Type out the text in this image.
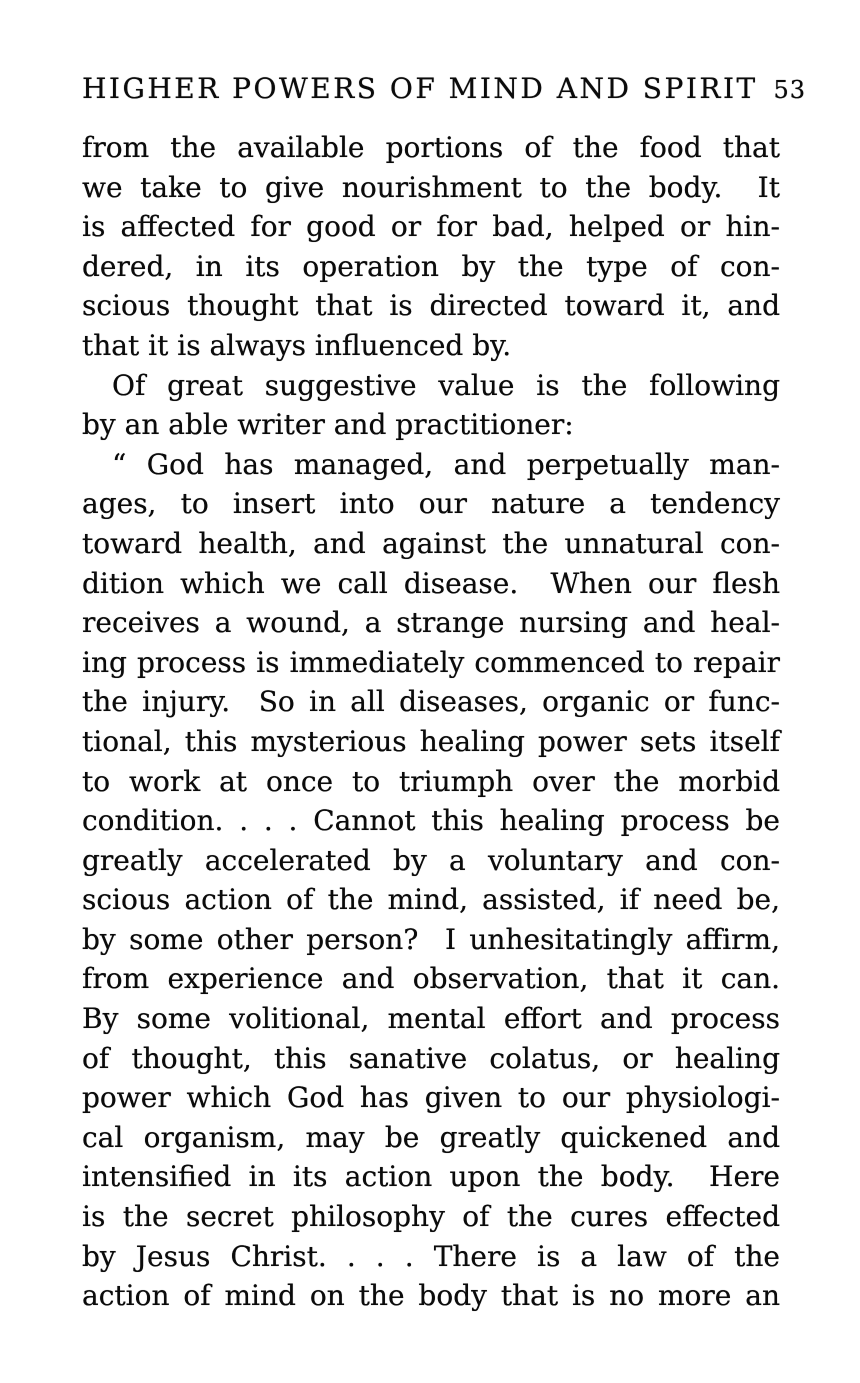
HIGHER POWERS OF MIND AND SPIRIT 53
from the available portions of the food that
we take to give nourishment to the body.  It
is affected for good or for bad, helped or hin-
dered, in its operation by the type of con-
scious thought that is directed toward it, and
that it is always influenced by.
Of great suggestive value is the following
by an able writer and practitioner:
“ God has managed, and perpetually man-
ages, to insert into our nature a tendency
toward health, and against the unnatural con-
dition which we call disease.  When our flesh
receives a wound, a strange nursing and heal-
ing process is immediately commenced to repair
the injury.  So in all diseases, organic or func-
tional, this mysterious healing power sets itself
to work at once to triumph over the morbid
condition. . . . Cannot this healing process be
greatly accelerated by a voluntary and con-
scious action of the mind, assisted, if need be,
by some other person?  I unhesitatingly affirm,
from experience and observation, that it can.
By some volitional, mental effort and process
of thought, this sanative colatus, or healing
power which God has given to our physiologi-
cal organism, may be greatly quickened and
intensified in its action upon the body.  Here
is the secret philosophy of the cures effected
by Jesus Christ. . . . There is a law of the
action of mind on the body that is no more an
